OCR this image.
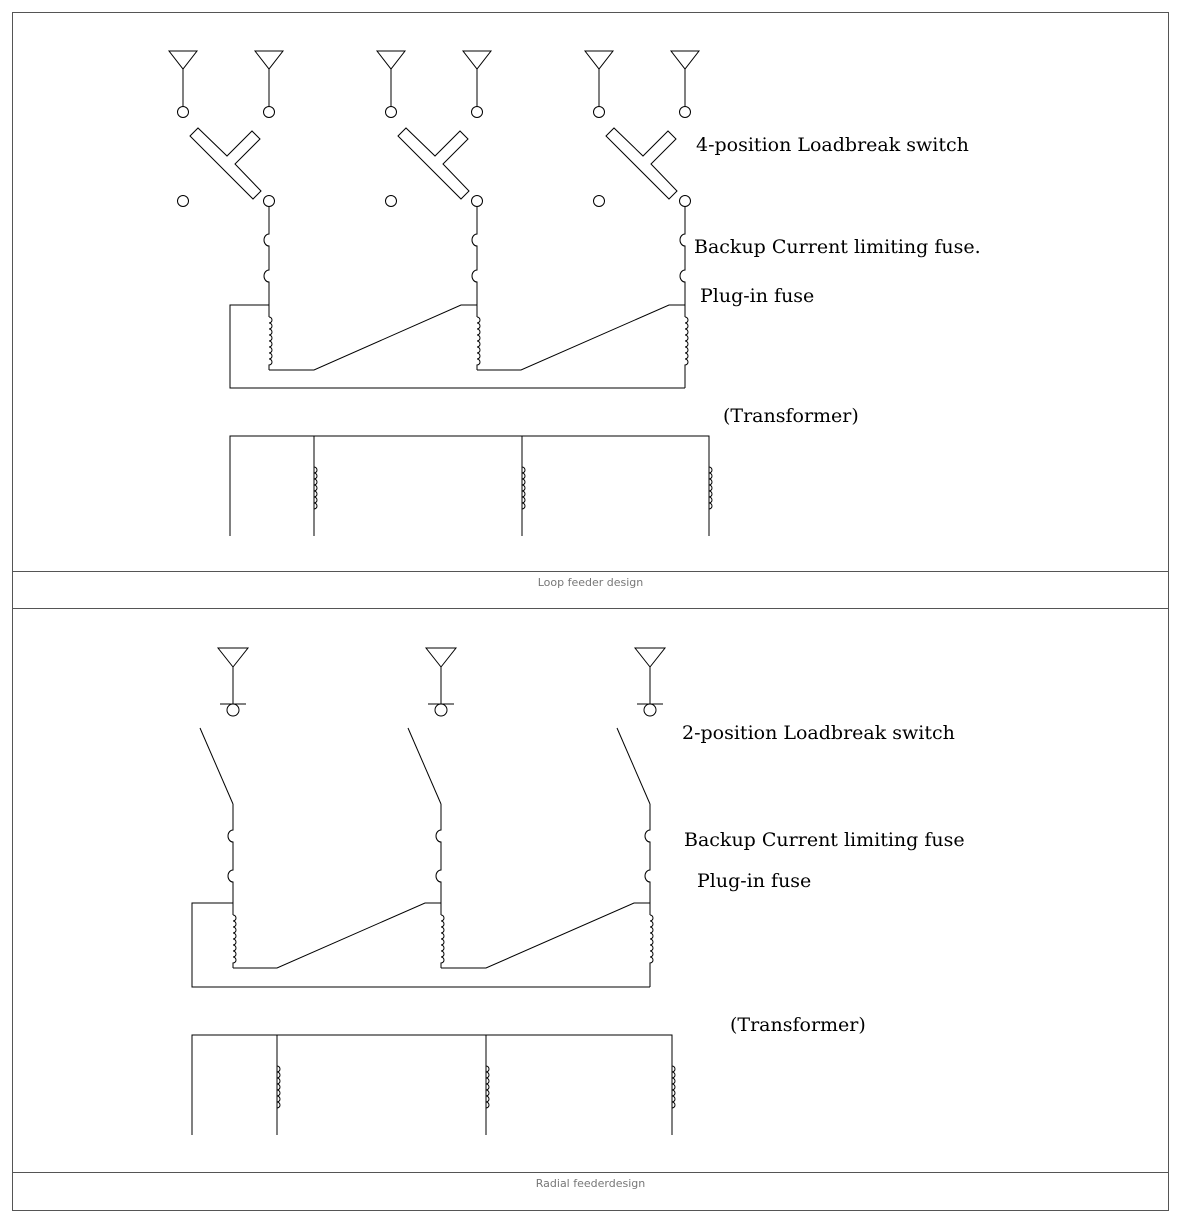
4-position Loadbreak switch
Backup Current limiting fuse.
Plug-in fuse
(Transformer)
Loop feeder design
2-position Loadbreak switch
Backup Current limiting fuse
Plug-in fuse
(Transformer)
Radial feederdesign
